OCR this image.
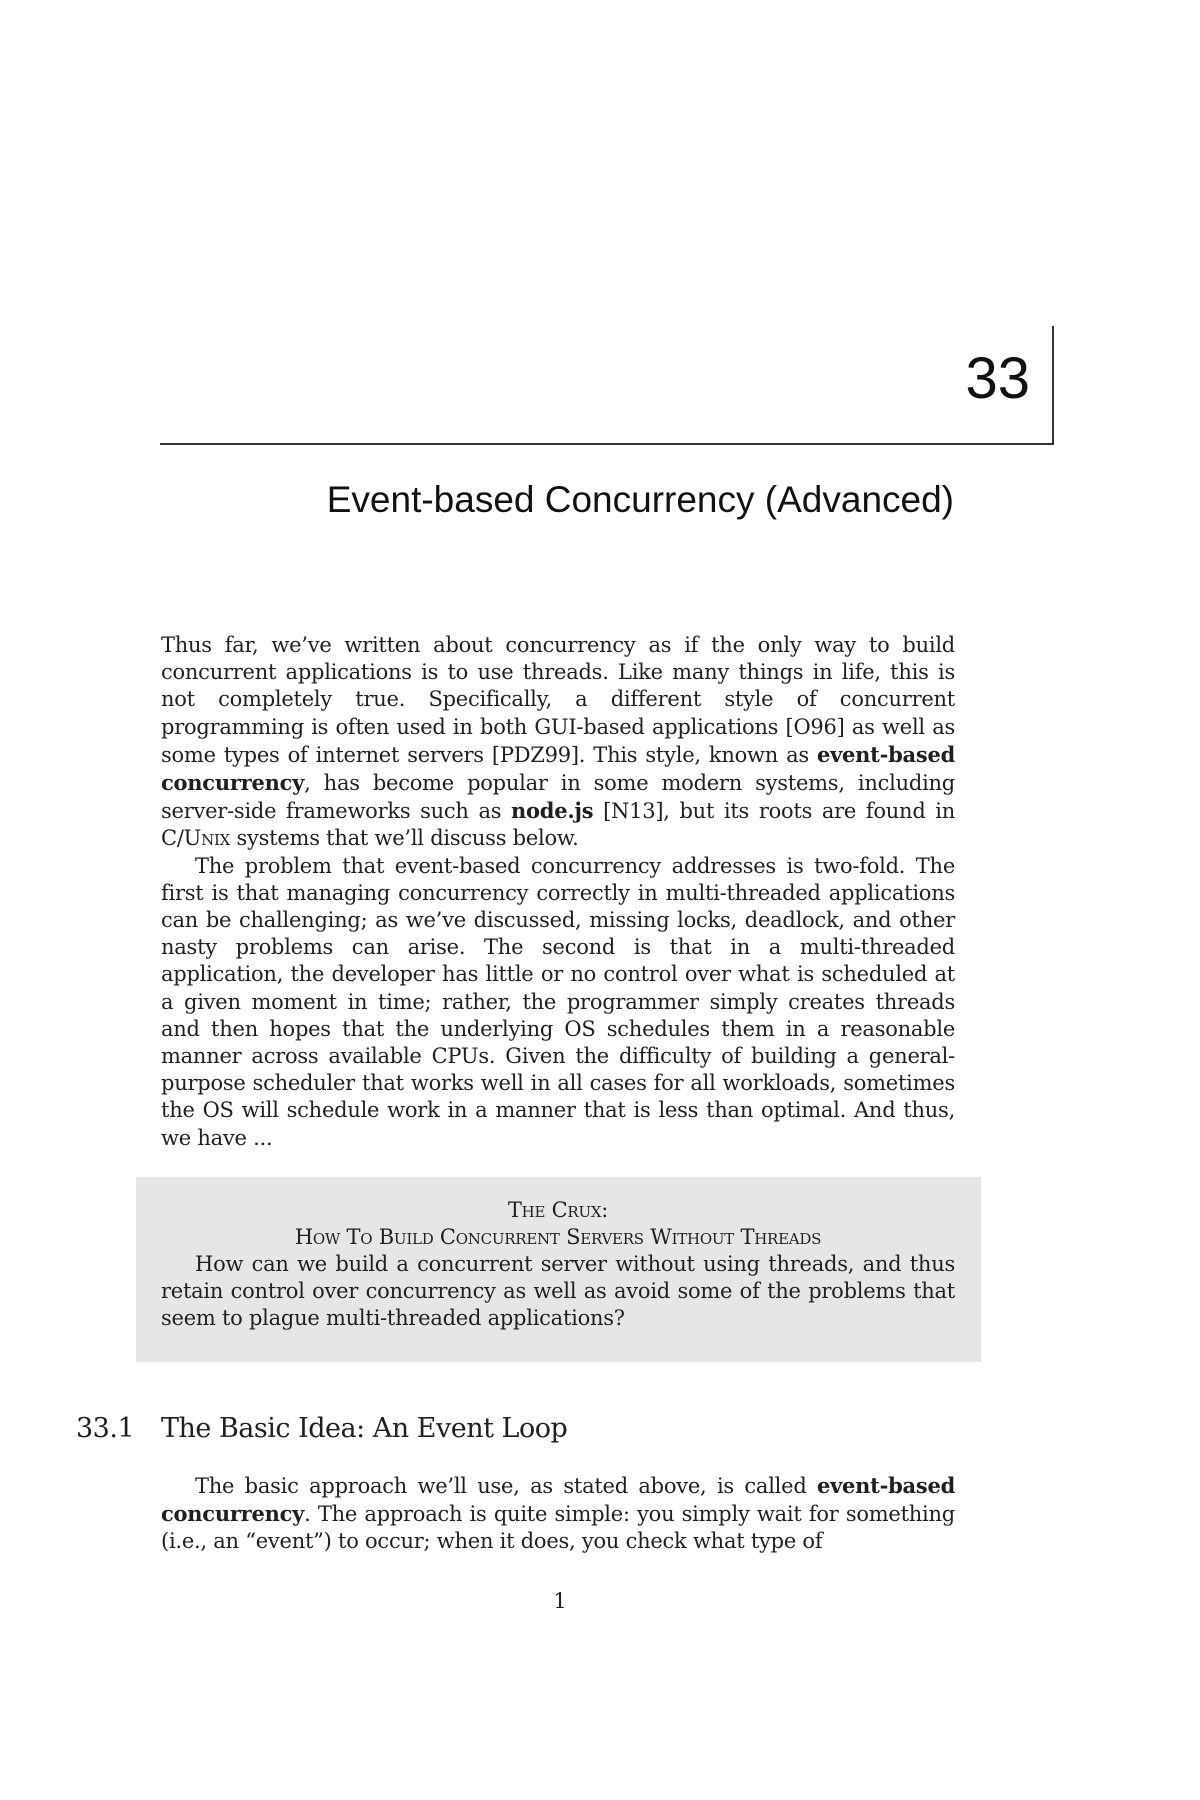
33
Event-based Concurrency (Advanced)

Thus far, we’ve written about concurrency as if the only way to build concurrent applications is to use threads. Like many things in life, this is not completely true. Specifically, a different style of concurrent programming is often used in both GUI-based applications [O96] as well as some types of internet servers [PDZ99]. This style, known as event-based concurrency, has become popular in some modern systems, including server-side frameworks such as node.js [N13], but its roots are found in C/Unix systems that we’ll discuss below.

The problem that event-based concurrency addresses is two-fold. The first is that managing concurrency correctly in multi-threaded applications can be challenging; as we’ve discussed, missing locks, deadlock, and other nasty problems can arise. The second is that in a multi-threaded application, the developer has little or no control over what is scheduled at a given moment in time; rather, the programmer simply creates threads and then hopes that the underlying OS schedules them in a reasonable manner across available CPUs. Given the difficulty of building a general-purpose scheduler that works well in all cases for all workloads, sometimes the OS will schedule work in a manner that is less than optimal. And thus, we have ...

The Crux:
How To Build Concurrent Servers Without Threads
How can we build a concurrent server without using threads, and thus retain control over concurrency as well as avoid some of the problems that seem to plague multi-threaded applications?
33.1 The Basic Idea: An Event Loop

The basic approach we’ll use, as stated above, is called event-based concurrency. The approach is quite simple: you simply wait for something (i.e., an “event”) to occur; when it does, you check what type of

1
